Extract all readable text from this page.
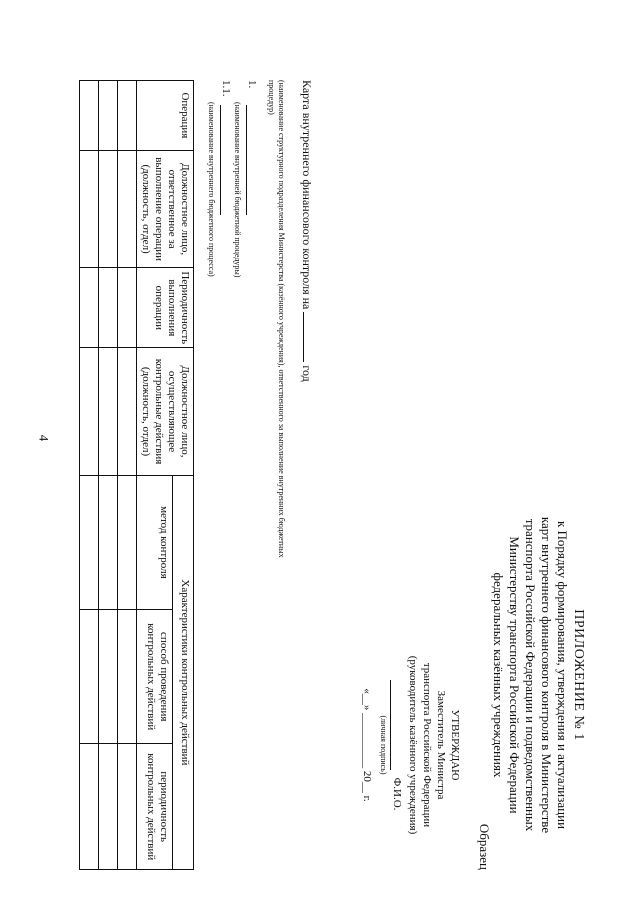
4
ПРИЛОЖЕНИЕ № 1
к Порядку формирования, утверждения и актуализации
карт внутреннего финансового контроля в Министерстве
транспорта Российской Федерации и подведомственных
Министерству транспорта Российской Федерации
федеральных казённых учреждениях
Образец
УТВЕРЖДАЮ
Заместитель Министра
транспорта Российской Федерации
(руководитель казённого учреждения)
Ф.И.О.
(личная подпись)
«__» __________ 20__ г.
Карта внутреннего финансового контроля на  год
(наименование структурного подразделения Министерства (казённого учреждения), ответственного за выполнение внутренних бюджетных процедур)
1.
(наименование внутренней бюджетной процедуры)
1.1.
(наименование внутреннего бюджетного процесса)
Операция	Должностное лицо, ответственное за выполнение операции (должность, отдел)	Периодичность выполнения операции	Должностное лицо, осуществляющее контрольные действия (должность, отдел)	Характеристики контрольных действий		
				метод контроля	способ проведения контрольных действий	периодичность контрольных действий
